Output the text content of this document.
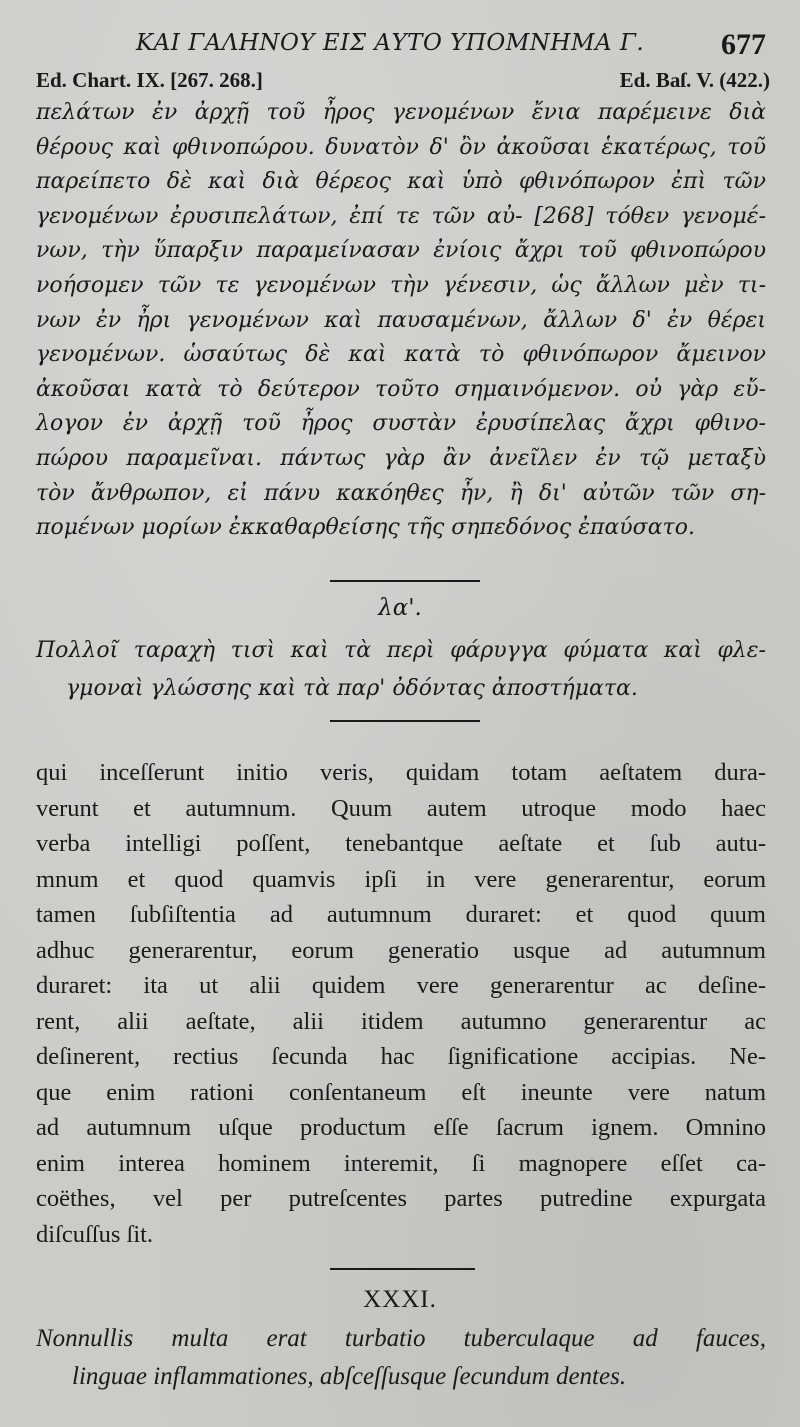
ΚΑΙ ΓΑΛΗΝΟΥ ΕΙΣ ΑΥΤΟ ΥΠΟΜΝΗΜΑ Γ.	677
Ed. Chart. IX. [267. 268.]	Ed. Baſ. V. (422.)
πελάτων ἐν ἀρχῇ τοῦ ἦρος γενομένων ἔνια παρέμεινε διὰ
θέρους καὶ φθινοπώρου. δυνατὸν δ' ὂν ἀκοῦσαι ἑκατέρως, τοῦ
παρείπετο δὲ καὶ διὰ θέρεος καὶ ὑπὸ φθινόπωρον ἐπὶ τῶν
γενομένων ἐρυσιπελάτων, ἐπί τε τῶν αὐ- [268] τόθεν γενομέ-
νων, τὴν ὕπαρξιν παραμείνασαν ἐνίοις ἄχρι τοῦ φθινοπώρου
νοήσομεν τῶν τε γενομένων τὴν γένεσιν, ὡς ἄλλων μὲν τι-
νων ἐν ἦρι γενομένων καὶ παυσαμένων, ἄλλων δ' ἐν θέρει
γενομένων. ὡσαύτως δὲ καὶ κατὰ τὸ φθινόπωρον ἄμεινον
ἀκοῦσαι κατὰ τὸ δεύτερον τοῦτο σημαινόμενον. οὐ γὰρ εὔ-
λογον ἐν ἀρχῇ τοῦ ἦρος συστὰν ἐρυσίπελας ἄχρι φθινο-
πώρου παραμεῖναι. πάντως γὰρ ἂν ἀνεῖλεν ἐν τῷ μεταξὺ
τὸν ἄνθρωπον, εἰ πάνυ κακόηθες ἦν, ἢ δι' αὐτῶν τῶν ση-
πομένων μορίων ἐκκαθαρθείσης τῆς σηπεδόνος ἐπαύσατο.
λα'.
Πολλοῖ ταραχὴ τισὶ καὶ τὰ περὶ φάρυγγα φύματα καὶ φλε-
γμοναὶ γλώσσης καὶ τὰ παρ' ὀδόντας ἀποστήματα.
qui inceſſerunt initio veris, quidam totam aeſtatem dura-
verunt et autumnum. Quum autem utroque modo haec
verba intelligi poſſent, tenebantque aeſtate et ſub autu-
mnum et quod quamvis ipſi in vere generarentur, eorum
tamen ſubſiſtentia ad autumnum duraret: et quod quum
adhuc generarentur, eorum generatio usque ad autumnum
duraret: ita ut alii quidem vere generarentur ac deſine-
rent, alii aeſtate, alii itidem autumno generarentur ac
deſinerent, rectius ſecunda hac ſignificatione accipias. Ne-
que enim rationi conſentaneum eſt ineunte vere natum
ad autumnum uſque productum eſſe ſacrum ignem. Omnino
enim interea hominem interemit, ſi magnopere eſſet ca-
coëthes, vel per putreſcentes partes putredine expurgata
diſcuſſus ſit.
XXXI.
Nonnullis multa erat turbatio tuberculaque ad fauces,
linguae inflammationes, abſceſſusque ſecundum dentes.
